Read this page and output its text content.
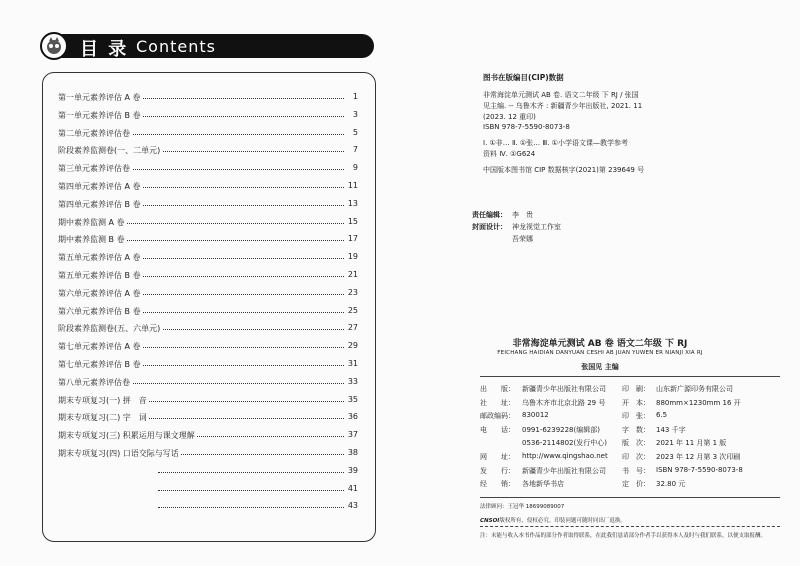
目 录 Contents
第一单元素养评估 A 卷	1
第一单元素养评估 B 卷	3
第二单元素养评估卷	5
阶段素养监测卷(一、二单元)	7
第三单元素养评估卷	9
第四单元素养评估 A 卷	11
第四单元素养评估 B 卷	13
期中素养监测 A 卷	15
期中素养监测 B 卷	17
第五单元素养评估 A 卷	19
第五单元素养评估 B 卷	21
第六单元素养评估 A 卷	23
第六单元素养评估 B 卷	25
阶段素养监测卷(五、六单元)	27
第七单元素养评估 A 卷	29
第七单元素养评估 B 卷	31
第八单元素养评估卷	33
期末专项复习(一) 拼　音	35
期末专项复习(二) 字　词	36
期末专项复习(三) 积累运用与课文理解	37
期末专项复习(四) 口语交际与写话	38
39
41
43
图书在版编目(CIP)数据
非常海淀单元测试 AB 卷. 语文二年级 下 RJ / 张国
见主编. -- 乌鲁木齐 : 新疆青少年出版社, 2021. 11
(2023. 12 重印)
ISBN 978-7-5590-8073-8
Ⅰ. ①非… Ⅱ. ①张… Ⅲ. ①小学语文课—教学参考
资料 Ⅳ. ①G624
中国版本图书馆 CIP 数据核字(2021)第 239649 号
责任编辑： 李　贵
封面设计： 神龙视觉工作室
吾荣娜
非常海淀单元测试 AB 卷 语文二年级 下 RJ
FEICHANG HAIDIAN DANYUAN CESHI AB JUAN YUWEN ER NIANJI XIA RJ
张国见 主编
出　　版： 新疆青少年出版社有限公司
社　　址： 乌鲁木齐市北京北路 29 号
邮政编码： 830012
电　　话： 0991-6239228(编辑部)
0536-2114802(发行中心)
网　　址： http://www.qingshao.net
发　　行： 新疆青少年出版社有限公司
经　　销： 各地新华书店
印　刷： 山东新广源印务有限公司
开　本： 880mm×1230mm 16 开
印　张： 6.5
字　数： 143 千字
版　次： 2021 年 11 月第 1 版
印　次： 2023 年 12 月第 3 次印刷
书　号： ISBN 978-7-5590-8073-8
定　价： 32.80 元
法律顾问：王冠华 18699089007
CNSOI版权所有，侵权必究。印装问题可随时同出厂退换。
注：未能与收入本书作品的部分作者取得联系，在此我们恳请部分作者手以获得本人及时与我们联系，以便支取报酬。
